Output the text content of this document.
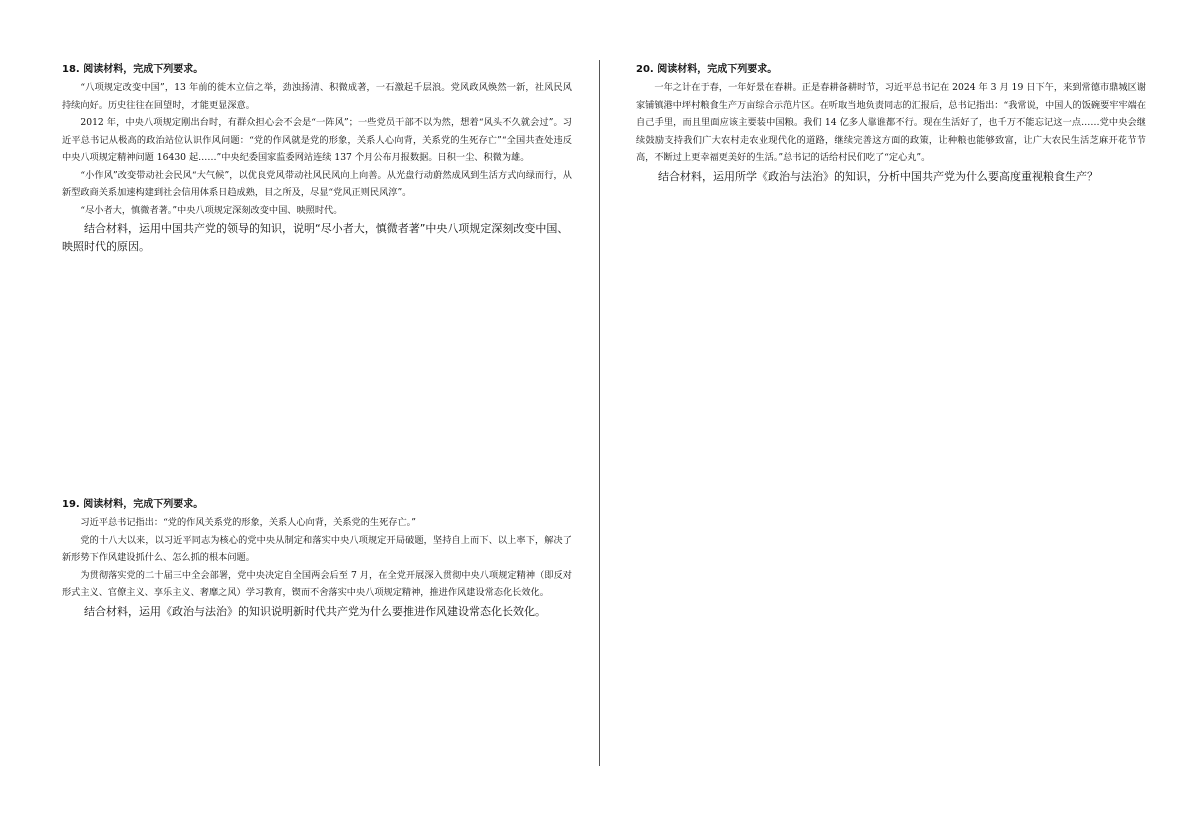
18. 阅读材料，完成下列要求。

“八项规定改变中国”，13 年前的徙木立信之举，劲浊扬清、积微成著，一石激起千层浪。党风政风焕然一新，社风民风持续向好。历史往往在回望时，才能更显深意。

2012 年，中央八项规定刚出台时，有群众担心会不会是“一阵风”；一些党员干部不以为然，想着“风头不久就会过”。习近平总书记从极高的政治站位认识作风问题：“党的作风就是党的形象，关系人心向背，关系党的生死存亡”“全国共查处违反中央八项规定精神问题 16430 起……”中央纪委国家监委网站连续 137 个月公布月报数据。日积一尘、积微为雄。

“小作风”改变带动社会民风“大气候”，以优良党风带动社风民风向上向善。从光盘行动蔚然成风到生活方式向绿而行，从新型政商关系加速构建到社会信用体系日趋成熟，目之所及，尽显“党风正则民风淳”。

“尽小者大，慎微者著。”中央八项规定深刻改变中国、映照时代。

结合材料，运用中国共产党的领导的知识，说明“尽小者大，慎微者著”中央八项规定深刻改变中国、映照时代的原因。

19. 阅读材料，完成下列要求。

习近平总书记指出：“党的作风关系党的形象，关系人心向背，关系党的生死存亡。”

党的十八大以来，以习近平同志为核心的党中央从制定和落实中央八项规定开局破题，坚持自上而下、以上率下，解决了新形势下作风建设抓什么、怎么抓的根本问题。

为贯彻落实党的二十届三中全会部署，党中央决定自全国两会后至 7 月，在全党开展深入贯彻中央八项规定精神（即反对形式主义、官僚主义、享乐主义、奢靡之风）学习教育，锲而不舍落实中央八项规定精神，推进作风建设常态化长效化。

结合材料，运用《政治与法治》的知识说明新时代共产党为什么要推进作风建设常态化长效化。

20. 阅读材料，完成下列要求。

一年之计在于春，一年好景在春耕。正是春耕备耕时节，习近平总书记在 2024 年 3 月 19 日下午，来到常德市鼎城区谢家铺镇港中坪村粮食生产万亩综合示范片区。在听取当地负责同志的汇报后，总书记指出：“我常说，中国人的饭碗要牢牢端在自己手里，而且里面应该主要装中国粮。我们 14 亿多人靠谁都不行。现在生活好了，也千万不能忘记这一点……党中央会继续鼓励支持我们广大农村走农业现代化的道路，继续完善这方面的政策，让种粮也能够致富，让广大农民生活芝麻开花节节高，不断过上更幸福更美好的生活。”总书记的话给村民们吃了“定心丸”。

结合材料，运用所学《政治与法治》的知识，分析中国共产党为什么要高度重视粮食生产？
